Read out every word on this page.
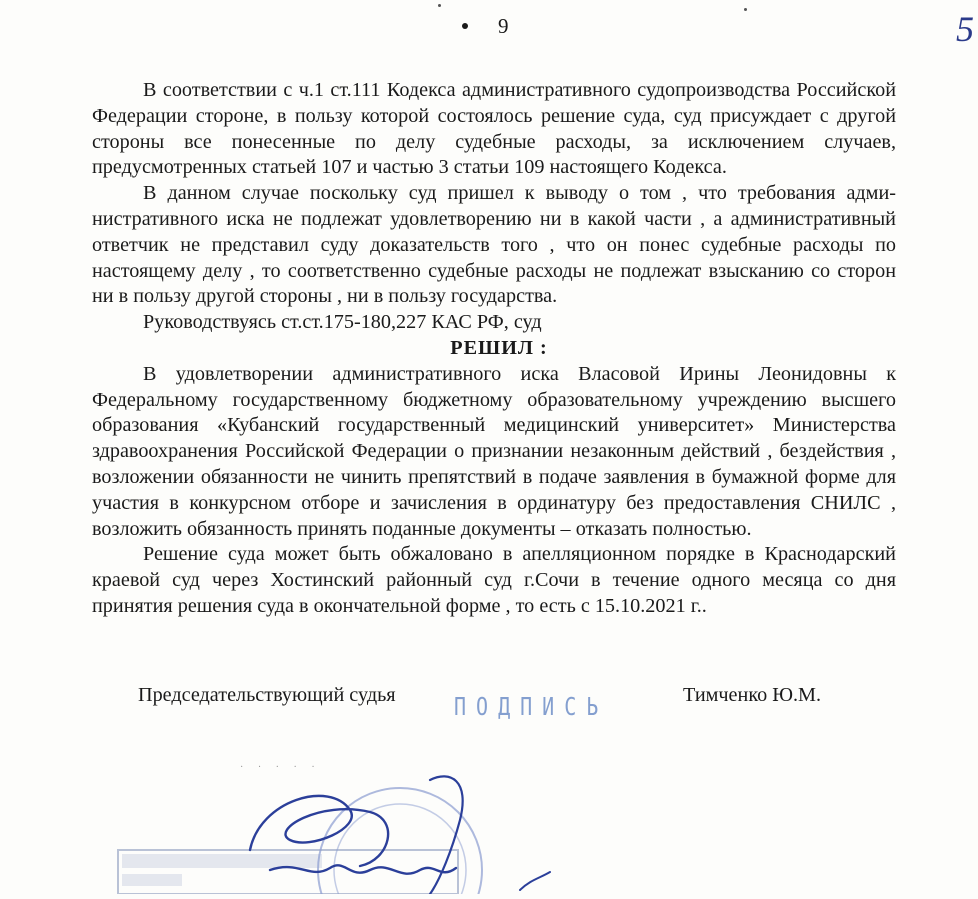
9	5

В соответствии с ч.1 ст.111 Кодекса административного судопроизводства Российской Федерации стороне, в пользу которой состоялось решение суда, суд присуждает с другой стороны все понесенные по делу судебные расходы, за исключением случаев, предусмотренных статьей 107 и частью 3 статьи 109 настоящего Кодекса.

В данном случае поскольку суд пришел к выводу о том , что требования административного иска не подлежат удовлетворению ни в какой части , а административный ответчик не представил суду доказательств того , что он понес судебные расходы по настоящему делу , то соответственно судебные расходы не подлежат взысканию со сторон ни в пользу другой стороны , ни в пользу государства.

Руководствуясь ст.ст.175-180,227 КАС РФ, суд

РЕШИЛ :

В удовлетворении административного иска Власовой Ирины Леонидовны к Федеральному государственному бюджетному образовательному учреждению высшего образования «Кубанский государственный медицинский университет» Министерства здравоохранения Российской Федерации о признании незаконным действий , бездействия , возложении обязанности не чинить препятствий в подаче заявления в бумажной форме для участия в конкурсном отборе и зачисления в ординатуру без предоставления СНИЛС , возложить обязанность принять поданные документы – отказать полностью.

Решение суда может быть обжаловано в апелляционном порядке в Краснодарский краевой суд через Хостинский районный суд г.Сочи в течение одного месяца со дня принятия решения суда в окончательной форме , то есть с 15.10.2021 г..

Председательствующий судья	ПОДПИСЬ	Тимченко Ю.М.
· · · · ·
